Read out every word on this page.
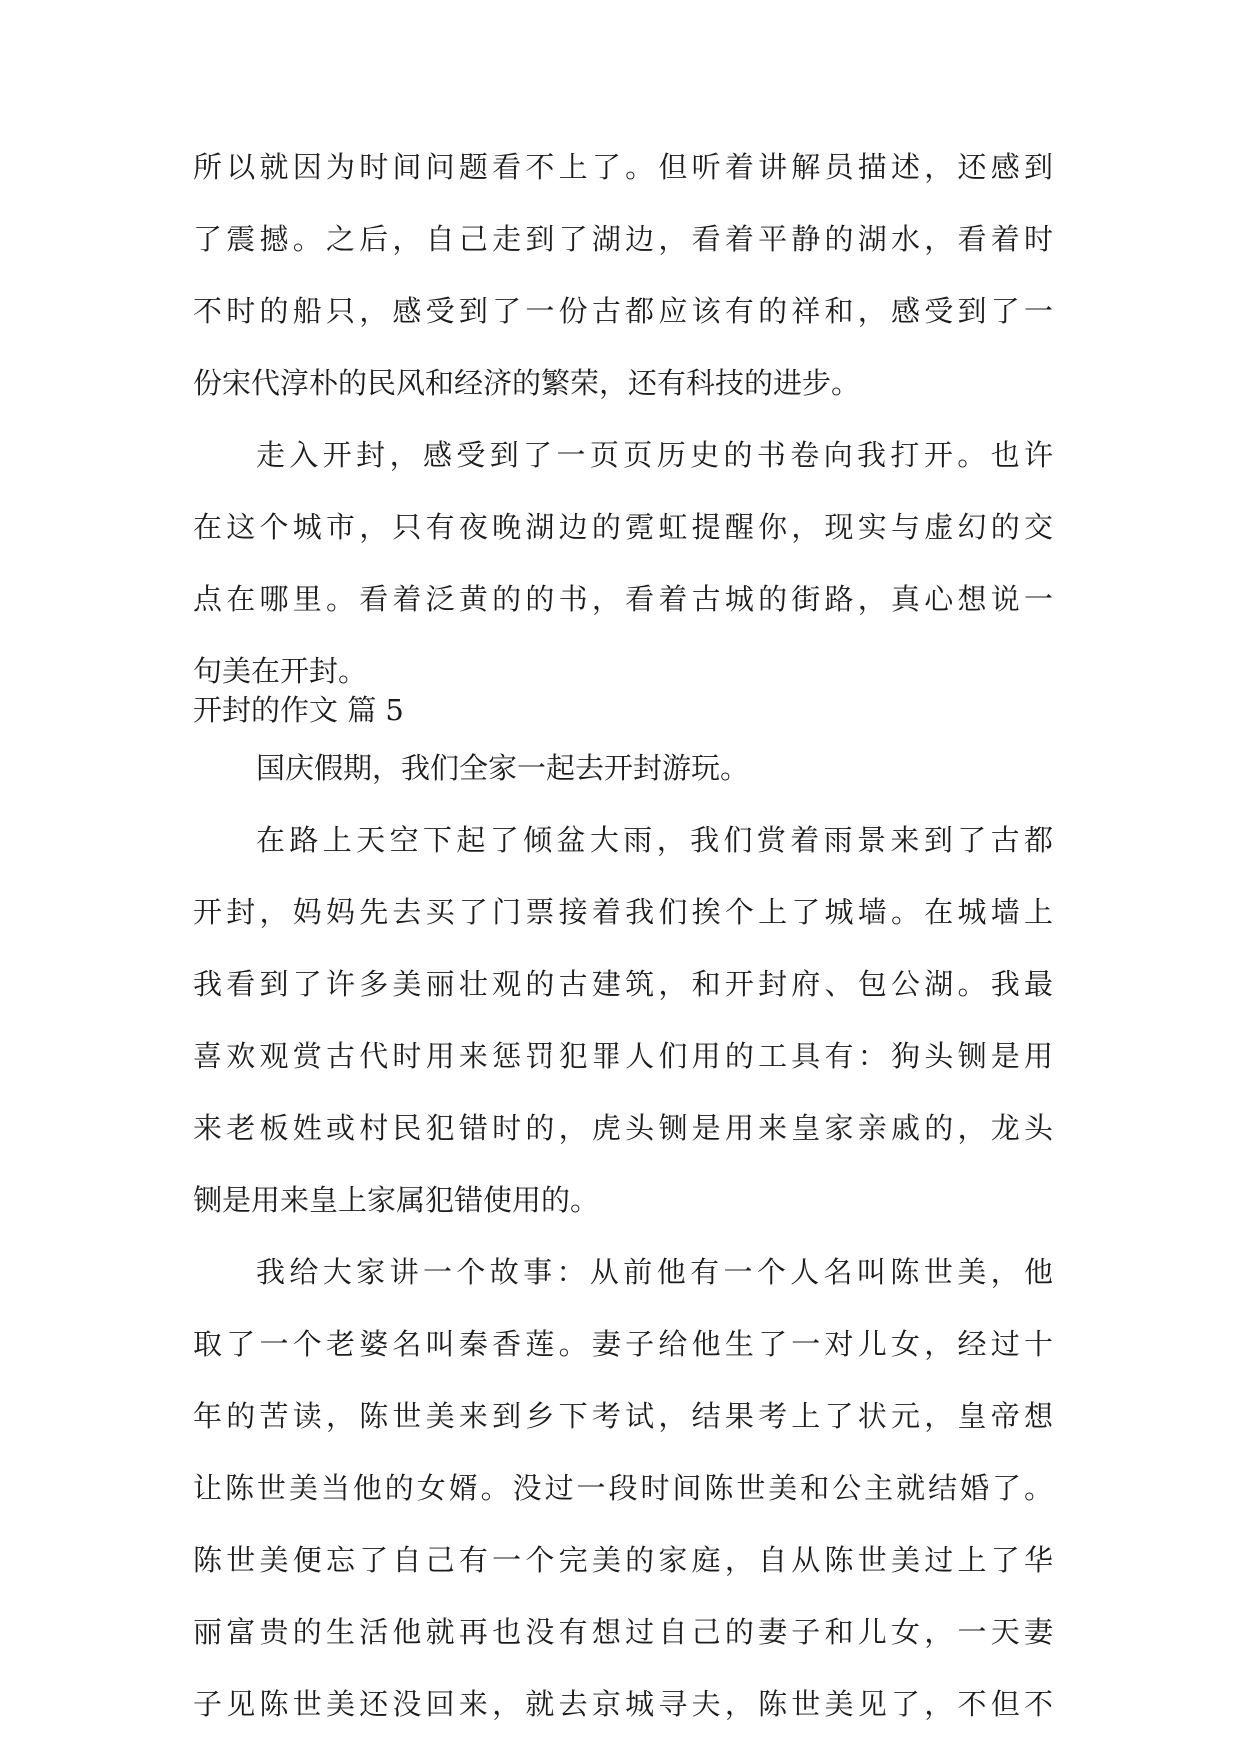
所以就因为时间问题看不上了。但听着讲解员描述，还感到
了震撼。之后，自己走到了湖边，看着平静的湖水，看着时
不时的船只，感受到了一份古都应该有的祥和，感受到了一
份宋代淳朴的民风和经济的繁荣，还有科技的进步。
走入开封，感受到了一页页历史的书卷向我打开。也许
在这个城市，只有夜晚湖边的霓虹提醒你，现实与虚幻的交
点在哪里。看着泛黄的的书，看着古城的街路，真心想说一
句美在开封。
开封的作文 篇 5
国庆假期，我们全家一起去开封游玩。
在路上天空下起了倾盆大雨，我们赏着雨景来到了古都
开封，妈妈先去买了门票接着我们挨个上了城墙。在城墙上
我看到了许多美丽壮观的古建筑，和开封府、包公湖。我最
喜欢观赏古代时用来惩罚犯罪人们用的工具有：狗头铡是用
来老板姓或村民犯错时的，虎头铡是用来皇家亲戚的，龙头
铡是用来皇上家属犯错使用的。
我给大家讲一个故事：从前他有一个人名叫陈世美，他
取了一个老婆名叫秦香莲。妻子给他生了一对儿女，经过十
年的苦读，陈世美来到乡下考试，结果考上了状元，皇帝想
让陈世美当他的女婿。没过一段时间陈世美和公主就结婚了。
陈世美便忘了自己有一个完美的家庭，自从陈世美过上了华
丽富贵的生活他就再也没有想过自己的妻子和儿女，一天妻
子见陈世美还没回来，就去京城寻夫，陈世美见了，不但不
